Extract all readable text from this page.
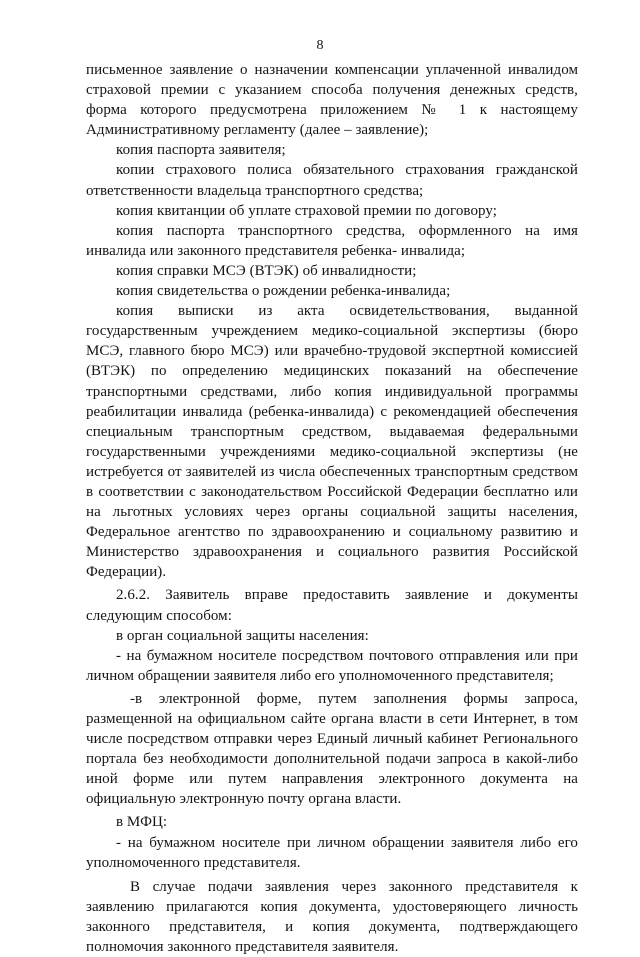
8

письменное заявление о назначении компенсации уплаченной инвалидом страховой премии с указанием способа получения денежных средств, форма которого предусмотрена приложением № 1 к настоящему Административному регламенту (далее – заявление);

копия паспорта заявителя;

копии страхового полиса обязательного страхования гражданской ответственности владельца транспортного средства;

копия квитанции об уплате страховой премии по договору;

копия паспорта транспортного средства, оформленного на имя инвалида или законного представителя ребенка- инвалида;

копия справки МСЭ (ВТЭК) об инвалидности;

копия свидетельства о рождении ребенка-инвалида;

копия выписки из акта освидетельствования, выданной государственным учреждением медико-социальной экспертизы (бюро МСЭ, главного бюро МСЭ) или врачебно-трудовой экспертной комиссией (ВТЭК) по определению медицинских показаний на обеспечение транспортными средствами, либо копия индивидуальной программы реабилитации инвалида (ребенка-инвалида) с рекомендацией обеспечения специальным транспортным средством, выдаваемая федеральными государственными учреждениями медико-социальной экспертизы (не истребуется от заявителей из числа обеспеченных транспортным средством в соответствии с законодательством Российской Федерации бесплатно или на льготных условиях через органы социальной защиты населения, Федеральное агентство по здравоохранению и социальному развитию и Министерство здравоохранения и социального развития Российской Федерации).

2.6.2. Заявитель вправе предоставить заявление и документы следующим способом:

в орган социальной защиты населения:

- на бумажном носителе посредством почтового отправления или при личном обращении заявителя либо его уполномоченного представителя;

-в электронной форме, путем заполнения формы запроса, размещенной на официальном сайте органа власти в сети Интернет, в том числе посредством отправки через Единый личный кабинет Регионального портала без необходимости дополнительной подачи запроса в какой-либо иной форме или путем направления электронного документа на официальную электронную почту органа власти.

в МФЦ:

- на бумажном носителе при личном обращении заявителя либо его уполномоченного представителя.

В случае подачи заявления через законного представителя к заявлению прилагаются копия документа, удостоверяющего личность законного представителя, и копия документа, подтверждающего полномочия законного представителя заявителя.
